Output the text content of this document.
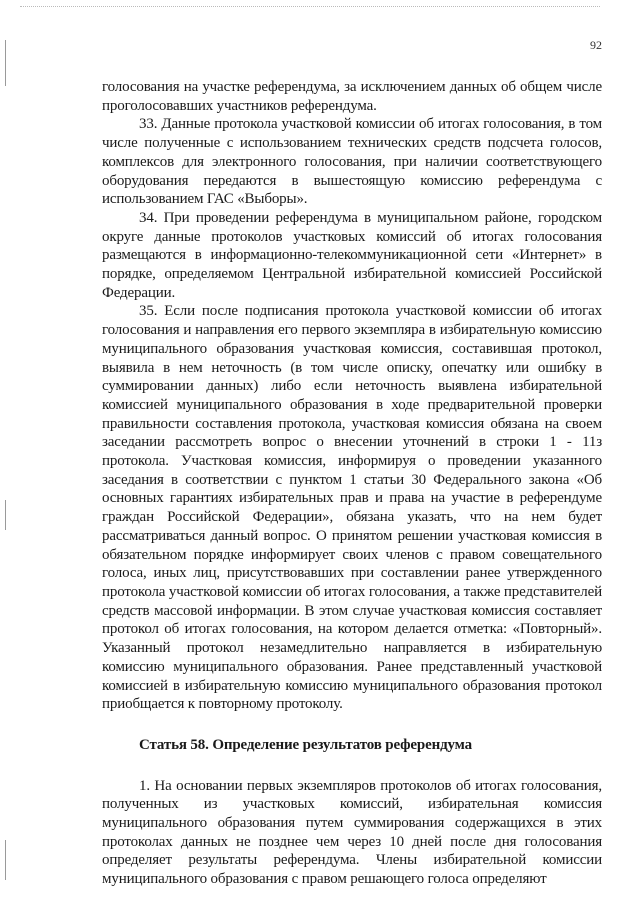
92

голосования на участке референдума, за исключением данных об общем числе проголосовавших участников референдума.

33. Данные протокола участковой комиссии об итогах голосования, в том числе полученные с использованием технических средств подсчета голосов, комплексов для электронного голосования, при наличии соответствующего оборудования передаются в вышестоящую комиссию референдума с использованием ГАС «Выборы».

34. При проведении референдума в муниципальном районе, городском округе данные протоколов участковых комиссий об итогах голосования размещаются в информационно-телекоммуникационной сети «Интернет» в порядке, определяемом Центральной избирательной комиссией Российской Федерации.

35. Если после подписания протокола участковой комиссии об итогах голосования и направления его первого экземпляра в избирательную комиссию муниципального образования участковая комиссия, составившая протокол, выявила в нем неточность (в том числе описку, опечатку или ошибку в суммировании данных) либо если неточность выявлена избирательной комиссией муниципального образования в ходе предварительной проверки правильности составления протокола, участковая комиссия обязана на своем заседании рассмотреть вопрос о внесении уточнений в строки 1 - 11з протокола. Участковая комиссия, информируя о проведении указанного заседания в соответствии с пунктом 1 статьи 30 Федерального закона «Об основных гарантиях избирательных прав и права на участие в референдуме граждан Российской Федерации», обязана указать, что на нем будет рассматриваться данный вопрос. О принятом решении участковая комиссия в обязательном порядке информирует своих членов с правом совещательного голоса, иных лиц, присутствовавших при составлении ранее утвержденного протокола участковой комиссии об итогах голосования, а также представителей средств массовой информации. В этом случае участковая комиссия составляет протокол об итогах голосования, на котором делается отметка: «Повторный». Указанный протокол незамедлительно направляется в избирательную комиссию муниципального образования. Ранее представленный участковой комиссией в избирательную комиссию муниципального образования протокол приобщается к повторному протоколу.

Статья 58. Определение результатов референдума

1. На основании первых экземпляров протоколов об итогах голосования, полученных из участковых комиссий, избирательная комиссия муниципального образования путем суммирования содержащихся в этих протоколах данных не позднее чем через 10 дней после дня голосования определяет результаты референдума. Члены избирательной комиссии муниципального образования с правом решающего голоса определяют
